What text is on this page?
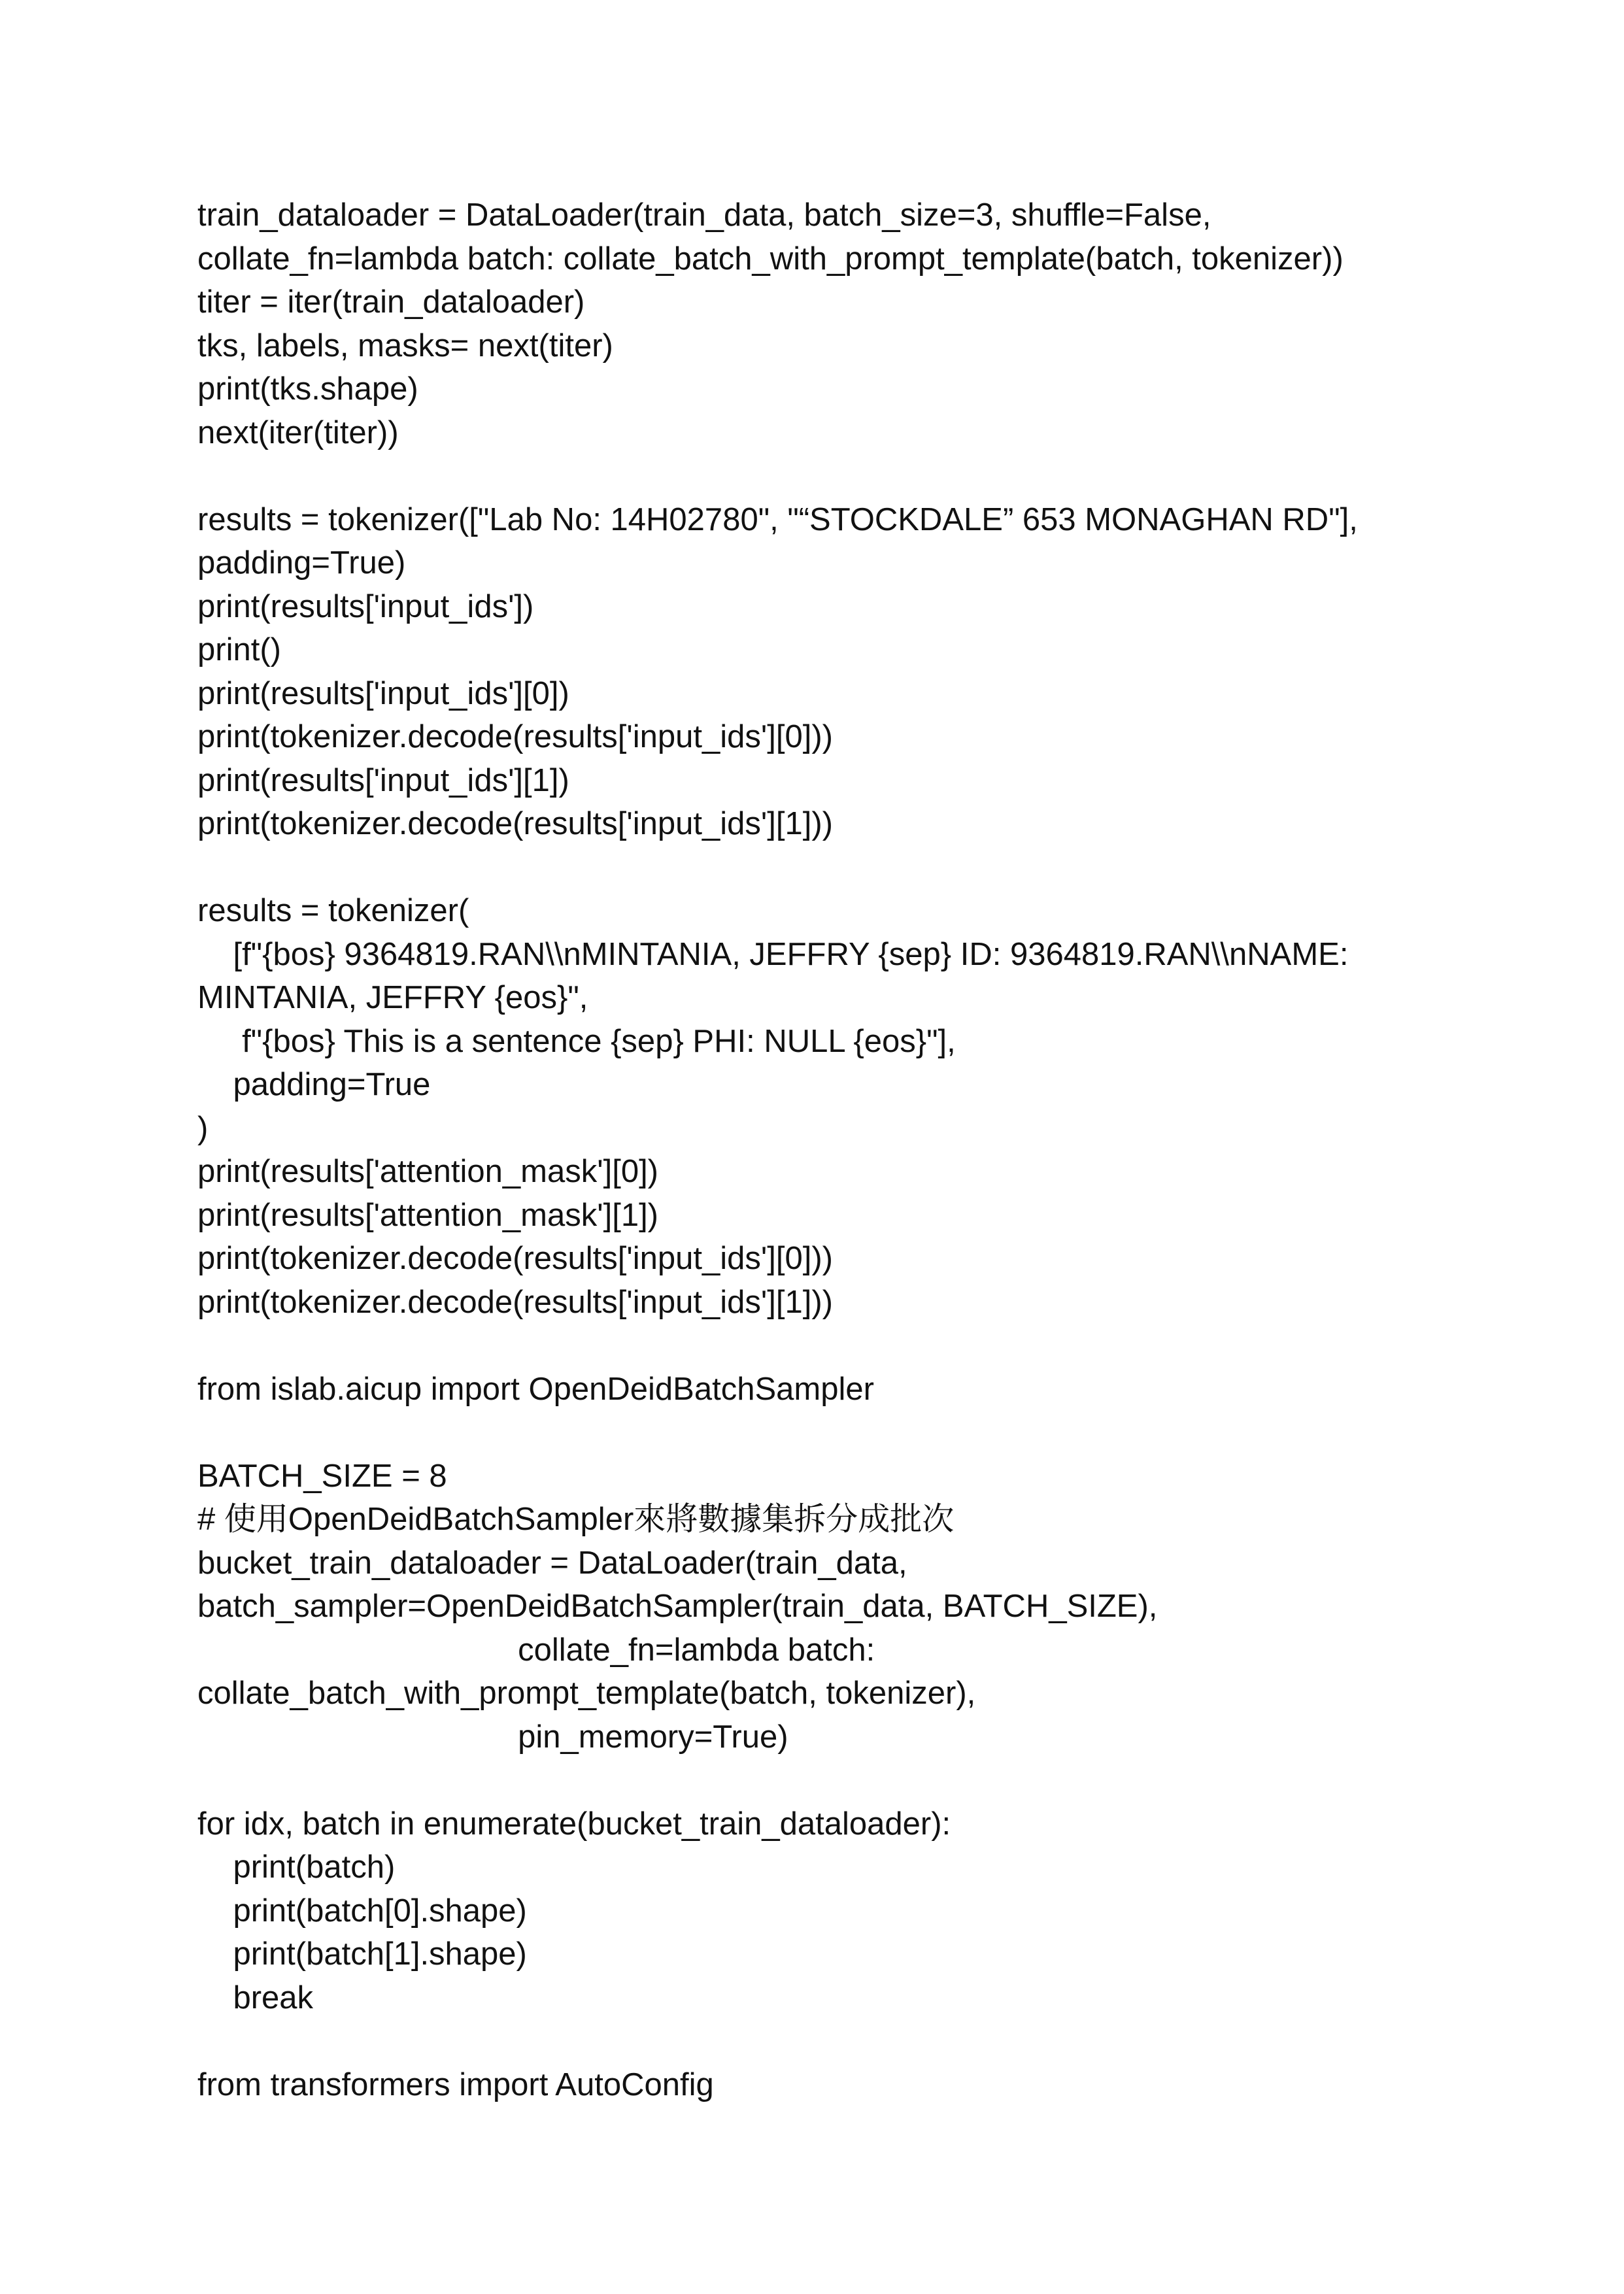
train_dataloader = DataLoader(train_data, batch_size=3, shuffle=False,
collate_fn=lambda batch: collate_batch_with_prompt_template(batch, tokenizer))
titer = iter(train_dataloader)
tks, labels, masks= next(titer)
print(tks.shape)
next(iter(titer))
results = tokenizer(["Lab No: 14H02780", "“STOCKDALE” 653 MONAGHAN RD"],
padding=True)
print(results['input_ids'])
print()
print(results['input_ids'][0])
print(tokenizer.decode(results['input_ids'][0]))
print(results['input_ids'][1])
print(tokenizer.decode(results['input_ids'][1]))
results = tokenizer(
[f"{bos} 9364819.RAN\\nMINTANIA, JEFFRY {sep} ID: 9364819.RAN\\nNAME:
MINTANIA, JEFFRY {eos}",
f"{bos} This is a sentence {sep} PHI: NULL {eos}"],
padding=True
)
print(results['attention_mask'][0])
print(results['attention_mask'][1])
print(tokenizer.decode(results['input_ids'][0]))
print(tokenizer.decode(results['input_ids'][1]))
from islab.aicup import OpenDeidBatchSampler
BATCH_SIZE = 8
# 使用OpenDeidBatchSampler來將數據集拆分成批次
bucket_train_dataloader = DataLoader(train_data,
batch_sampler=OpenDeidBatchSampler(train_data, BATCH_SIZE),
collate_fn=lambda batch:
collate_batch_with_prompt_template(batch, tokenizer),
pin_memory=True)
for idx, batch in enumerate(bucket_train_dataloader):
print(batch)
print(batch[0].shape)
print(batch[1].shape)
break
from transformers import AutoConfig
